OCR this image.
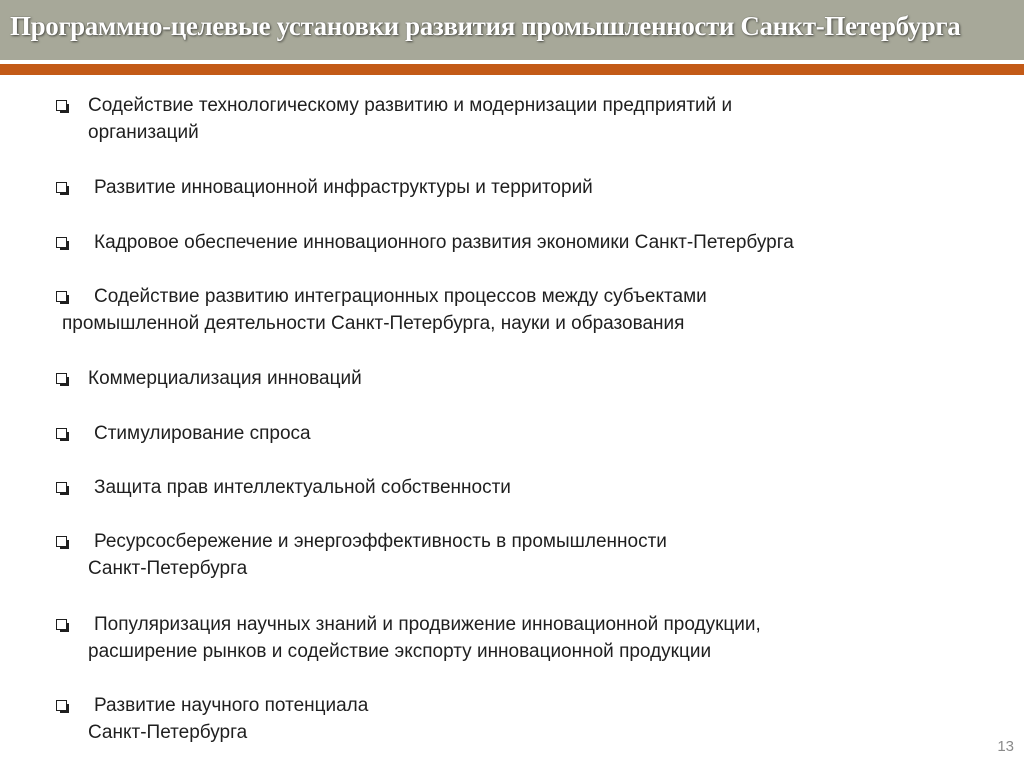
Программно-целевые установки развития промышленности Санкт-Петербурга
Содействие технологическому развитию и модернизации предприятий и
организаций
Развитие инновационной инфраструктуры и территорий
Кадровое обеспечение инновационного развития экономики Санкт-Петербурга
Содействие развитию интеграционных процессов между субъектами
промышленной деятельности Санкт-Петербурга, науки и образования
Коммерциализация инноваций
Стимулирование спроса
Защита прав интеллектуальной собственности
Ресурсосбережение и энергоэффективность в промышленности
Санкт-Петербурга
Популяризация научных знаний и продвижение инновационной продукции,
расширение рынков и содействие экспорту инновационной продукции
Развитие научного потенциала
Санкт-Петербурга
13
